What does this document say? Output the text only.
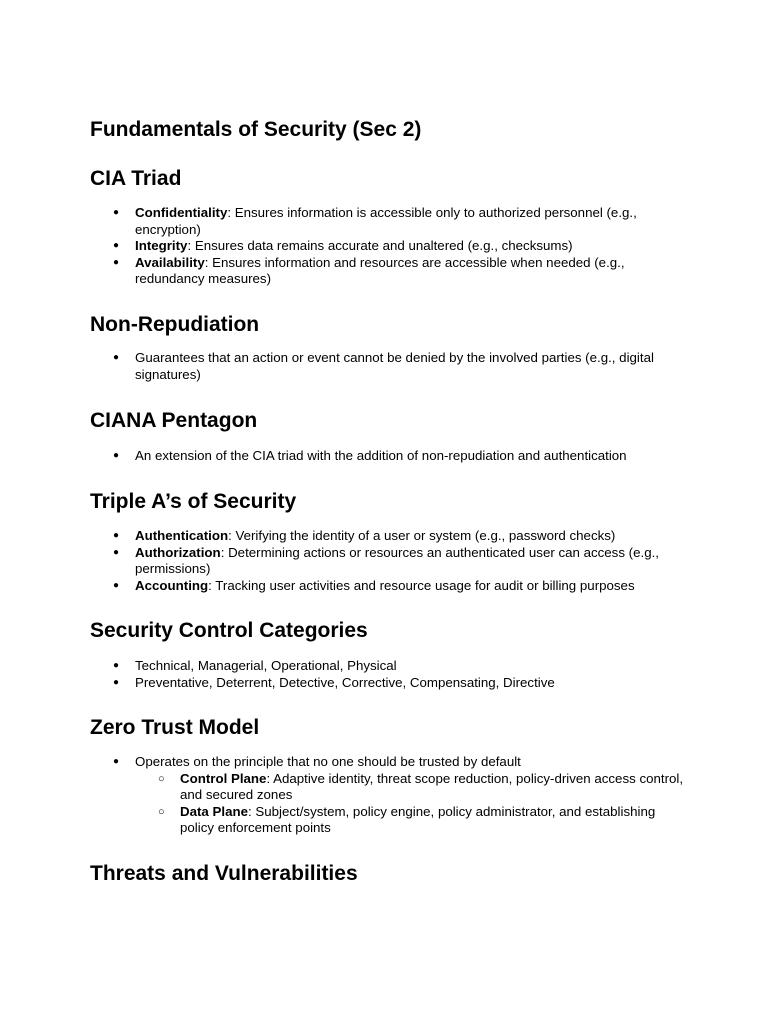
Fundamentals of Security (Sec 2)
CIA Triad
● Confidentiality: Ensures information is accessible only to authorized personnel (e.g., encryption)
● Integrity: Ensures data remains accurate and unaltered (e.g., checksums)
● Availability: Ensures information and resources are accessible when needed (e.g., redundancy measures)
Non-Repudiation
● Guarantees that an action or event cannot be denied by the involved parties (e.g., digital signatures)
CIANA Pentagon
● An extension of the CIA triad with the addition of non-repudiation and authentication
Triple A’s of Security
● Authentication: Verifying the identity of a user or system (e.g., password checks)
● Authorization: Determining actions or resources an authenticated user can access (e.g., permissions)
● Accounting: Tracking user activities and resource usage for audit or billing purposes
Security Control Categories
● Technical, Managerial, Operational, Physical
● Preventative, Deterrent, Detective, Corrective, Compensating, Directive
Zero Trust Model
● Operates on the principle that no one should be trusted by default
○ Control Plane: Adaptive identity, threat scope reduction, policy-driven access control, and secured zones
○ Data Plane: Subject/system, policy engine, policy administrator, and establishing policy enforcement points
Threats and Vulnerabilities
